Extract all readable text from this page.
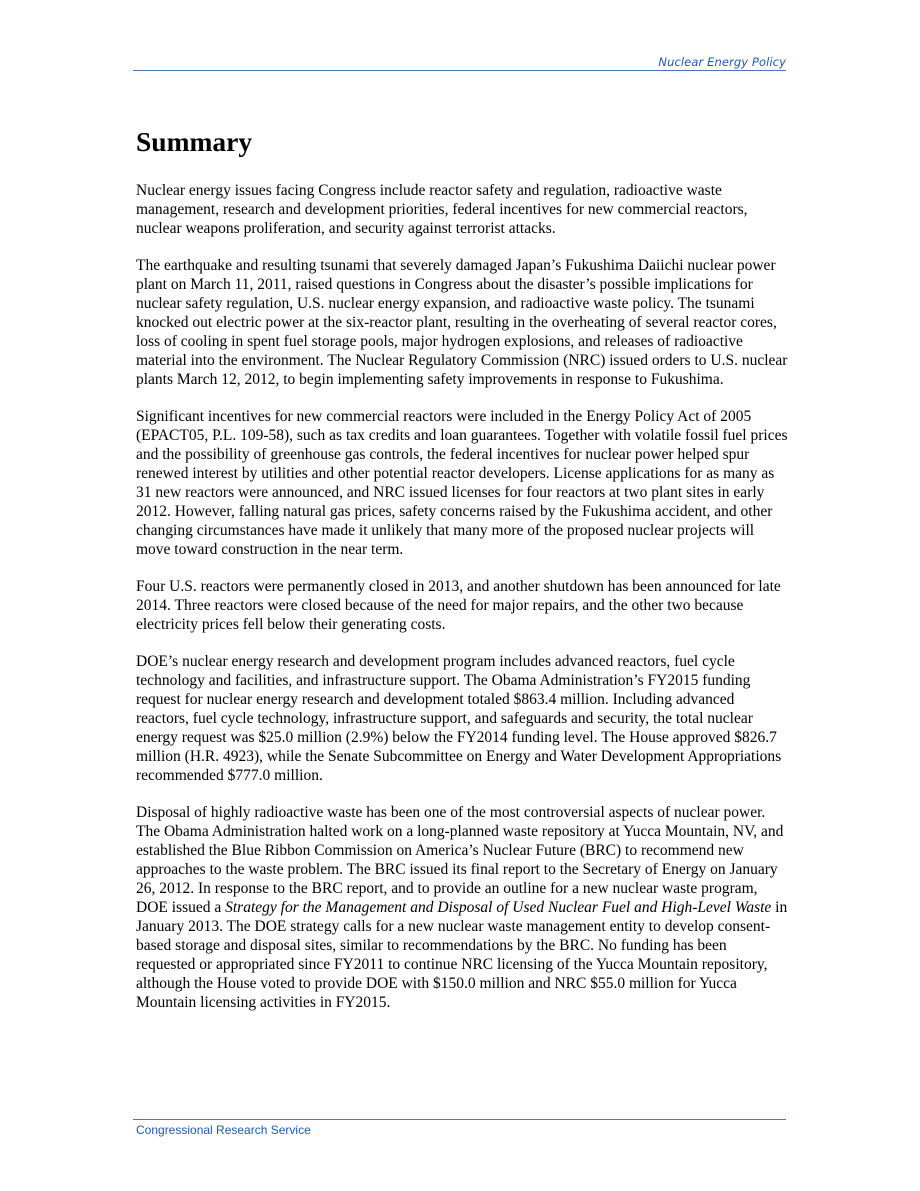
Nuclear Energy Policy
Summary

Nuclear energy issues facing Congress include reactor safety and regulation, radioactive waste management, research and development priorities, federal incentives for new commercial reactors, nuclear weapons proliferation, and security against terrorist attacks.

The earthquake and resulting tsunami that severely damaged Japan’s Fukushima Daiichi nuclear power plant on March 11, 2011, raised questions in Congress about the disaster’s possible implications for nuclear safety regulation, U.S. nuclear energy expansion, and radioactive waste policy. The tsunami knocked out electric power at the six-reactor plant, resulting in the overheating of several reactor cores, loss of cooling in spent fuel storage pools, major hydrogen explosions, and releases of radioactive material into the environment. The Nuclear Regulatory Commission (NRC) issued orders to U.S. nuclear plants March 12, 2012, to begin implementing safety improvements in response to Fukushima.

Significant incentives for new commercial reactors were included in the Energy Policy Act of 2005 (EPACT05, P.L. 109-58), such as tax credits and loan guarantees. Together with volatile fossil fuel prices and the possibility of greenhouse gas controls, the federal incentives for nuclear power helped spur renewed interest by utilities and other potential reactor developers. License applications for as many as 31 new reactors were announced, and NRC issued licenses for four reactors at two plant sites in early 2012. However, falling natural gas prices, safety concerns raised by the Fukushima accident, and other changing circumstances have made it unlikely that many more of the proposed nuclear projects will move toward construction in the near term.

Four U.S. reactors were permanently closed in 2013, and another shutdown has been announced for late 2014. Three reactors were closed because of the need for major repairs, and the other two because electricity prices fell below their generating costs.

DOE’s nuclear energy research and development program includes advanced reactors, fuel cycle technology and facilities, and infrastructure support. The Obama Administration’s FY2015 funding request for nuclear energy research and development totaled $863.4 million. Including advanced reactors, fuel cycle technology, infrastructure support, and safeguards and security, the total nuclear energy request was $25.0 million (2.9%) below the FY2014 funding level. The House approved $826.7 million (H.R. 4923), while the Senate Subcommittee on Energy and Water Development Appropriations recommended $777.0 million.

Disposal of highly radioactive waste has been one of the most controversial aspects of nuclear power. The Obama Administration halted work on a long-planned waste repository at Yucca Mountain, NV, and established the Blue Ribbon Commission on America’s Nuclear Future (BRC) to recommend new approaches to the waste problem. The BRC issued its final report to the Secretary of Energy on January 26, 2012. In response to the BRC report, and to provide an outline for a new nuclear waste program, DOE issued a Strategy for the Management and Disposal of Used Nuclear Fuel and High-Level Waste in January 2013. The DOE strategy calls for a new nuclear waste management entity to develop consent-based storage and disposal sites, similar to recommendations by the BRC. No funding has been requested or appropriated since FY2011 to continue NRC licensing of the Yucca Mountain repository, although the House voted to provide DOE with $150.0 million and NRC $55.0 million for Yucca Mountain licensing activities in FY2015.

Congressional Research Service
